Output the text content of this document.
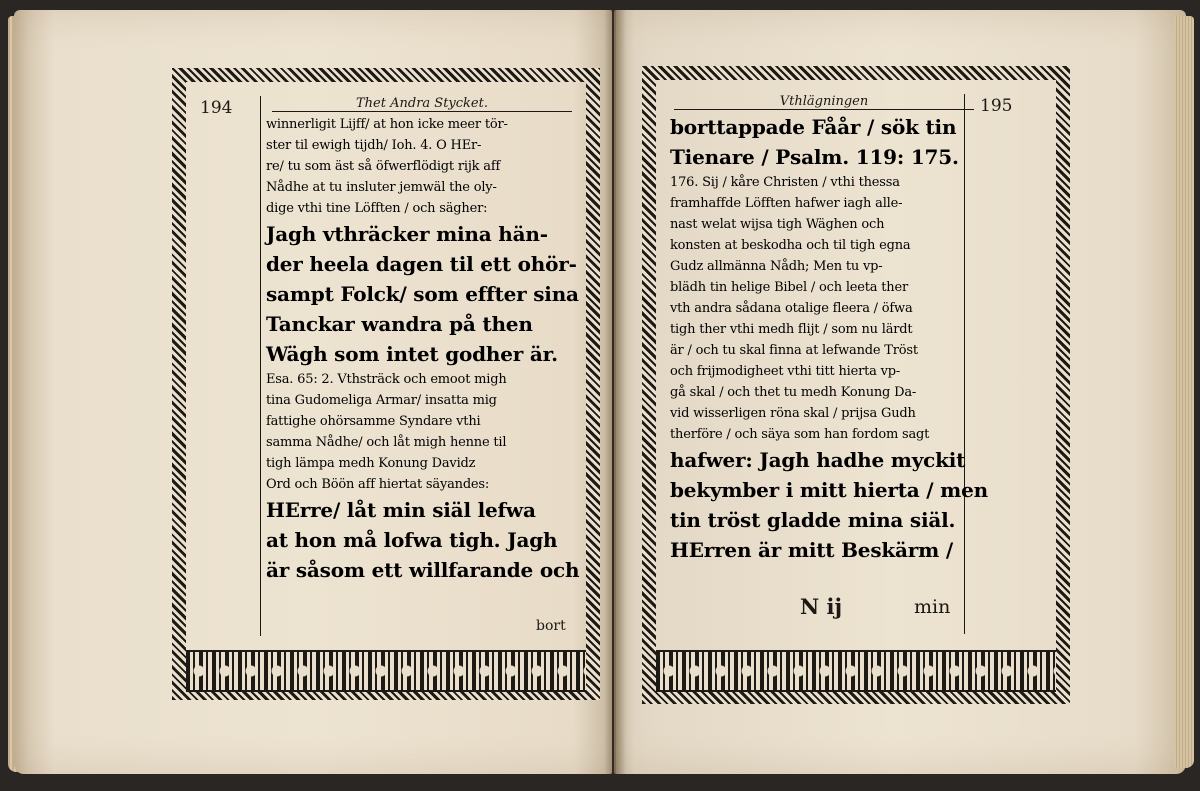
194	Thet Andra Stycket.
winnerligit Lijff/ at hon icke meer tör-
ster til ewigh tijdh/ Ioh. 4. O HEr-
re/ tu som äst så öfwerflödigt rijk aff
Nådhe at tu insluter jemwäl the oly-
dige vthi tine Löfften / och sägher:
Jagh vthräcker mina hän-
der heela dagen til ett ohör-
sampt Folck/ som effter sina
Tanckar wandra på then
Wägh som intet godher är.
Esa. 65: 2. Vthsträck och emoot migh
tina Gudomeliga Armar/ insatta mig
fattighe ohörsamme Syndare vthi
samma Nådhe/ och låt migh henne til
tigh lämpa medh Konung Davidz
Ord och Böön aff hiertat säyandes:
HErre/ låt min siäl lefwa
at hon må lofwa tigh. Jagh
är såsom ett willfarande och
bort
Vthlägningen	195
borttappade Fåår / sök tin
Tienare / Psalm. 119: 175.
176. Sij / kåre Christen / vthi thessa
framhaffde Löfften hafwer iagh alle-
nast welat wijsa tigh Wäghen och
konsten at beskodha och til tigh egna
Gudz allmänna Nådh; Men tu vp-
blädh tin helige Bibel / och leeta ther
vth andra sådana otalige fleera / öfwa
tigh ther vthi medh flijt / som nu lärdt
är / och tu skal finna at lefwande Tröst
och frijmodigheet vthi titt hierta vp-
gå skal / och thet tu medh Konung Da-
vid wisserligen röna skal / prijsa Gudh
therföre / och säya som han fordom sagt
hafwer: Jagh hadhe myckit
bekymber i mitt hierta / men
tin tröst gladde mina siäl.
HErren är mitt Beskärm /
N ij	min
